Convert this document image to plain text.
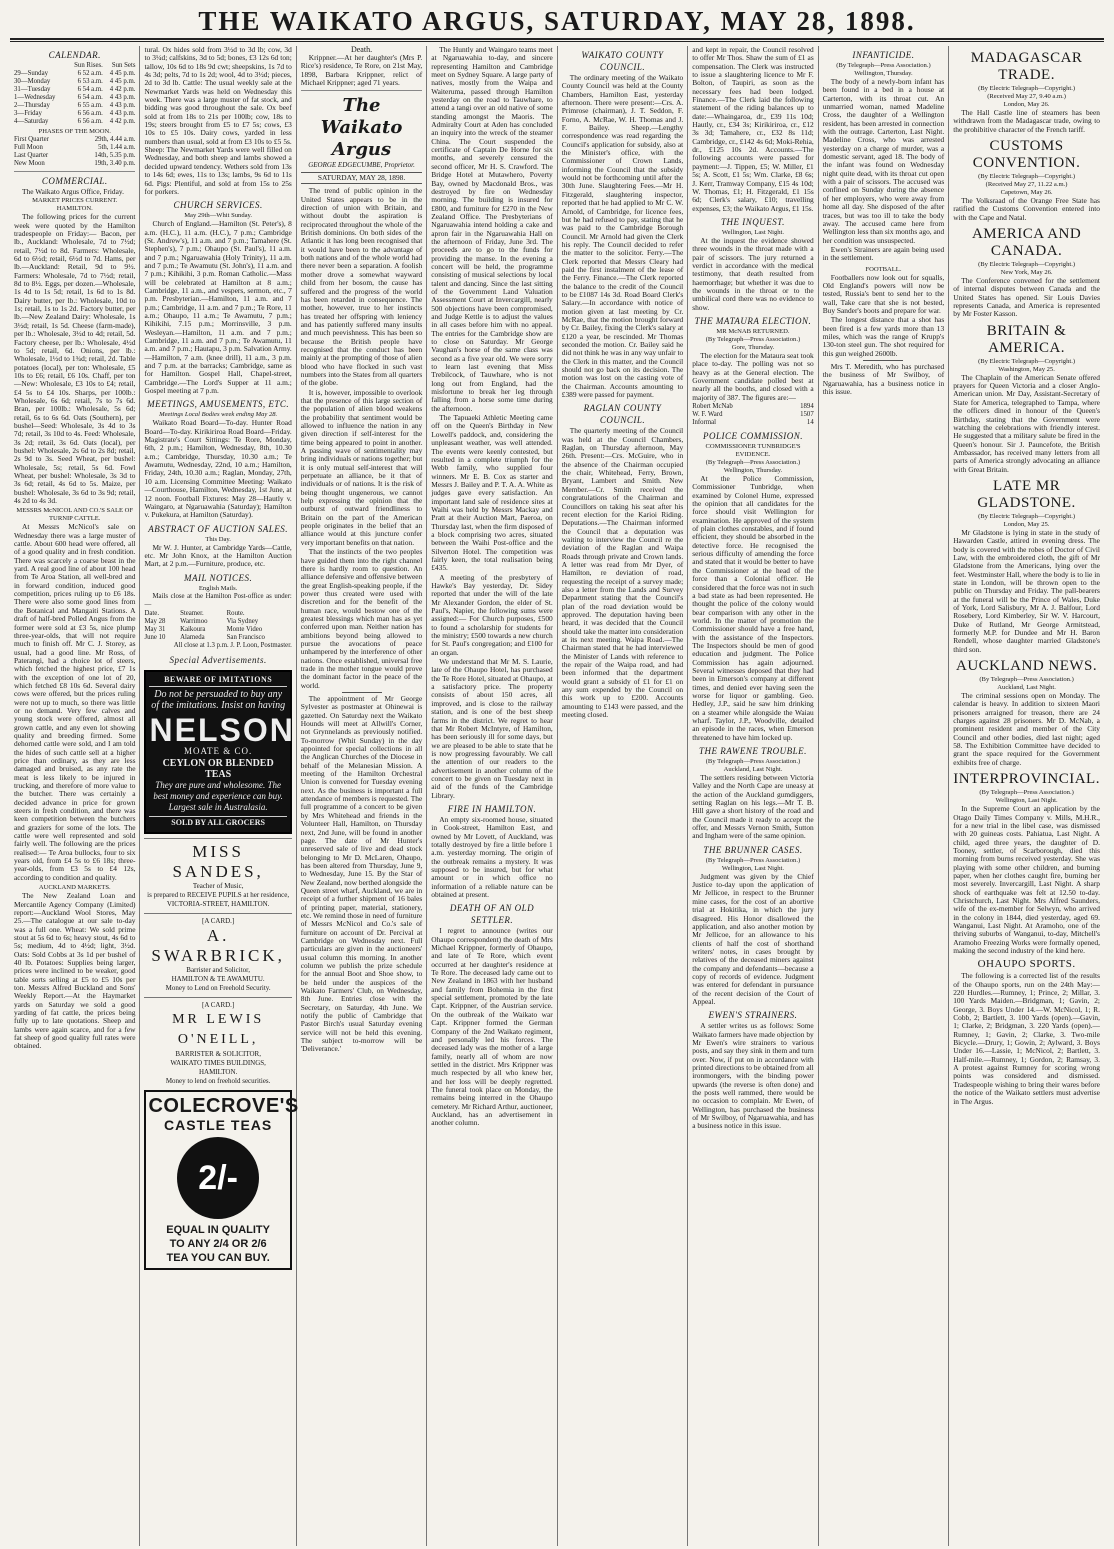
THE WAIKATO ARGUS, SATURDAY, MAY 28, 1898.
CALENDAR.
	Sun Rises.	Sun Sets
29—Sunday	6 52 a.m.	4 45 p.m.
30—Monday	6 53 a.m.	4 45 p.m.
31—Tuesday	6 54 a.m.	4 42 p.m.
1—Wednesday	6 54 a.m.	4 43 p.m.
2—Thursday	6 55 a.m.	4 43 p.m.
3—Friday	6 56 a.m.	4 43 p.m.
4—Saturday	6 56 a.m.	4 42 p.m.
PHASES OF THE MOON.
First Quarter	29th, 4.44 a.m.
Full Moon	5th, 1.44 a.m.
Last Quarter	14th, 5.35 p.m.
New Moon	19th, 3.40 p.m.
COMMERCIAL.

The Waikato Argus Office, Friday.

MARKET PRICES CURRENT.
HAMILTON.

The following prices for the current week were quoted by the Hamilton tradespeople on Friday:— Bacon, per lb., Auckland: Wholesale, 7d to 7½d; retail, 7½d to 8d. Farmers: Wholesale, 6d to 6½d; retail, 6½d to 7d. Hams, per lb.—Auckland: Retail, 9d to 9½. Farmers: Wholesale, 7d to 7½d; retail, 8d to 8½. Eggs, per dozen.—Wholesale, 1s 4d to 1s 5d; retail, 1s 6d to 1s 8d. Dairy butter, per lb.: Wholesale, 10d to 1s; retail, 1s to 1s 2d. Factory butter, per lb.—New Zealand Dairy: Wholesale, 1s 3½d; retail, 1s 5d. Cheese (farm-made), per lb.: Wholesale, 3½d to 4d; retail, 5d. Factory cheese, per lb.: Wholesale, 4½d to 5d; retail, 6d. Onions, per lb.: Wholesale, 1½d to 1¾d; retail, 2d. Table potatoes (local), per ton: Wholesale, £5 10s to £6; retail, £6 10s. Chaff, per ton—New: Wholesale, £3 10s to £4; retail, £4 5s to £4 10s. Sharps, per 100lb.: Wholesale, 6s 6d; retail, 7s to 7s 6d. Bran, per 100lb.: Wholesale, 5s 6d; retail, 6s to 6s 6d. Oats (Southern), per bushel—Seed: Wholesale, 3s 4d to 3s 7d; retail, 3s 10d to 4s. Feed: Wholesale, 3s 2d; retail, 3s 6d. Oats (local), per bushel: Wholesale, 2s 6d to 2s 8d; retail, 2s 9d to 3s. Seed Wheat, per bushel: Wholesale, 5s; retail, 5s 6d. Fowl Wheat, per bushel: Wholesale, 3s 3d to 3s 6d; retail, 4s 6d to 5s. Maize, per bushel: Wholesale, 3s 6d to 3s 9d; retail, 4s 2d to 4s 3d.

MESSRS McNICOL AND CO.'S SALE OF TURNIP CATTLE.

At Messrs McNicol's sale on Wednesday there was a large muster of cattle. About 600 head were offered, all of a good quality and in fresh condition. There was scarcely a coarse beast in the yard. A real good line of about 100 head from Te Aroa Station, all well-bred and in forward condition, induced good competition, prices ruling up to £6 18s. There were also some good lines from the Botanical and Mangaiti Stations. A draft of half-bred Polled Angus from the former were sold at £3 5s, nice plump three-year-olds, that will not require much to finish off. Mr C. J. Storey, as usual, had a good line. Mr Ross, of Paterangi, had a choice lot of steers, which fetched the highest price, £7 1s with the exception of one lot of 20, which fetched £8 10s 6d. Several dairy cows were offered, but the prices ruling were not up to much, so there was little or no demand. Very few calves and young stock were offered, almost all grown cattle, and any even lot showing quality and breeding firmed. Some dehorned cattle were sold, and I am told the hides of such cattle sell at a higher price than ordinary, as they are less damaged and bruised, as any rate the meat is less likely to be injured in trucking, and therefore of more value to the butcher. There was certainly a decided advance in price for grown steers in fresh condition, and there was keen competition between the butchers and graziers for some of the lots. The cattle were well represented and sold fairly well. The following are the prices realised:— Te Aroa bullocks, four to six years old, from £4 5s to £6 18s; three-year-olds, from £3 5s to £4 12s, according to condition and quality.

AUCKLAND MARKETS.

The New Zealand Loan and Mercantile Agency Company (Limited) report:—Auckland Wool Stores, May 25.—The catalogue at our sale to-day was a full one. Wheat: We sold prime stout at 5s 6d to 6s; heavy stout, 4s 6d to 5s; medium, 4d to 4½d; light, 3½d. Oats: Sold Cobbs at 3s 1d per bushel of 40 lb. Potatoes: Supplies being larger, prices were inclined to be weaker, good table sorts selling at £5 to £5 10s per ton. Messrs Alfred Buckland and Sons' Weekly Report.—At the Haymarket yards on Saturday we sold a good yarding of fat cattle, the prices being fully up to late quotations. Sheep and lambs were again scarce, and for a few fat sheep of good quality full rates were obtained.

tural. Ox hides sold from 3½d to 3d lb; cow, 3d to 3¼d; calfskins, 3d to 5d; bones, £3 12s 6d ton; tallow, 10s 6d to 18s 9d cwt; sheepskins, 1s 7d to 4s 3d; pelts, 7d to 1s 2d; wool, 4d to 3½d; pieces, 2d to 3d lb. Cattle: The usual weekly sale at the Newmarket Yards was held on Wednesday this week. There was a large muster of fat stock, and bidding was good throughout the sale. Ox beef sold at from 18s to 21s per 100lb; cow, 18s to 19s; steers brought from £5 to £7 5s; cows, £3 10s to £5 10s. Dairy cows, yarded in less numbers than usual, sold at from £3 10s to £5 5s. Sheep: The Newmarket Yards were well filled on Wednesday, and both sheep and lambs showed a decided upward tendency. Wethers sold from 13s to 14s 6d; ewes, 11s to 13s; lambs, 9s 6d to 11s 6d. Pigs: Plentiful, and sold at from 15s to 25s for porkers.

CHURCH SERVICES.
May 29th—Whit Sunday.

Church of England.—Hamilton (St. Peter's), 8 a.m. (H.C.), 11 a.m. (H.C.), 7 p.m.; Cambridge (St. Andrew's), 11 a.m. and 7 p.m.; Tamahere (St. Stephen's), 7 p.m.; Ohaupo (St. Paul's), 11 a.m. and 7 p.m.; Ngaruawahia (Holy Trinity), 11 a.m. and 7 p.m.; Te Awamutu (St. John's), 11 a.m. and 7 p.m.; Kihikihi, 3 p.m. Roman Catholic.—Mass will be celebrated at Hamilton at 8 a.m.; Cambridge, 11 a.m., and vespers, sermon, etc., 7 p.m. Presbyterian.—Hamilton, 11 a.m. and 7 p.m.; Cambridge, 11 a.m. and 7 p.m.; Te Rore, 11 a.m.; Ohaupo, 11 a.m.; Te Awamutu, 7 p.m.; Kihikihi, 7.15 p.m.; Morrinsville, 3 p.m. Wesleyan.—Hamilton, 11 a.m. and 7 p.m.; Cambridge, 11 a.m. and 7 p.m.; Te Awamutu, 11 a.m. and 7 p.m.; Hautapu, 3 p.m. Salvation Army.—Hamilton, 7 a.m. (knee drill), 11 a.m., 3 p.m. and 7 p.m. at the barracks; Cambridge, same as for Hamilton. Gospel Hall, Chapel-street, Cambridge.—The Lord's Supper at 11 a.m.; Gospel meeting at 7 p.m.

MEETINGS, AMUSEMENTS, ETC.
Meetings Local Bodies week ending May 28.

Waikato Road Board—To-day. Hunter Road Board—To-day. Kirikiriroa Road Board—Friday. Magistrate's Court Sittings: Te Rore, Monday, 6th, 2 p.m.; Hamilton, Wednesday, 8th, 10.30 a.m.; Cambridge, Thursday, 10.30 a.m.; Te Awamutu, Wednesday, 22nd, 10 a.m.; Hamilton, Friday, 24th, 10.30 a.m.; Raglan, Monday, 27th, 10 a.m. Licensing Committee Meeting: Waikato—Courthouse, Hamilton, Wednesday, 1st June, at 12 noon. Football Fixtures: May 28—Hautly v. Waingaro, at Ngaruawahia (Saturday); Hamilton v. Pukekura, at Hamilton (Saturday).

ABSTRACT OF AUCTION SALES.
This Day.

Mr W. J. Hunter, at Cambridge Yards—Cattle, etc. Mr John Knox, at the Hamilton Auction Mart, at 2 p.m.—Furniture, produce, etc.

MAIL NOTICES.
English Mails.

Mails close at the Hamilton Post-office as under:—

Date.	Steamer.	Route.
May 28	Warrimoo	Via Sydney
May 31	Kaikoura	Monte Video
June 10	Alameda	San Francisco

All close at 1.3 p.m. J. P. Loon, Postmaster.

Special Advertisements.
BEWARE OF IMITATIONS
Do not be persuaded to buy any of the imitations. Insist on having
NELSON
MOATE & CO.
CEYLON OR BLENDED TEAS
They are pure and wholesome. The best money and experience can buy. Largest sale in Australasia.
SOLD BY ALL GROCERS
MISS SANDES,
Teacher of Music,
is prepared to RECEIVE PUPILS at her residence,
VICTORIA-STREET, HAMILTON.
[A CARD.]
A. SWARBRICK,
Barrister and Solicitor,
HAMILTON & TE AWAMUTU.
Money to Lend on Freehold Security.
[A CARD.]
MR LEWIS O'NEILL,
BARRISTER & SOLICITOR,
WAIKATO TIMES BUILDINGS,
HAMILTON.
Money to lend on freehold securities.
COLECROVE'S
CASTLE TEAS
2/-
EQUAL IN QUALITY
TO ANY 2/4 OR 2/6
TEA YOU CAN BUY.
Death.

Krippner.—At her daughter's (Mrs P. Rice's) residence, Te Rore, on 21st May, 1898, Barbara Krippner, relict of Michael Krippner; aged 71 years.

The Waikato Argus
GEORGE EDGECUMBE, Proprietor.
SATURDAY, MAY 28, 1898.

The trend of public opinion in the United States appears to be in the direction of union with Britain, and without doubt the aspiration is reciprocated throughout the whole of the British dominions. On both sides of the Atlantic it has long been recognised that it would have been to the advantage of both nations and of the whole world had there never been a separation. A foolish mother drove a somewhat wayward child from her bosom, the cause has suffered and the progress of the world has been retarded in consequence. The mother, however, true to her instincts has treated her offspring with leniency and has patiently suffered many insults and much peevishness. This has been so because the British people have recognised that the conduct has been mainly at the prompting of those of alien blood who have flocked in such vast numbers into the States from all quarters of the globe.

It is, however, impossible to overlook that the presence of this large section of the population of alien blood weakens the probability that sentiment would be allowed to influence the nation in any given direction if self-interest for the time being appeared to point in another. A passing wave of sentimentality may bring individuals or nations together; but it is only mutual self-interest that will perpetuate an alliance, be it that of individuals or of nations. It is the risk of being thought ungenerous, we cannot help expressing the opinion that the outburst of outward friendliness to Britain on the part of the American people originates in the belief that an alliance would at this juncture confer very important benefits on that nation.

That the instincts of the two peoples have guided them into the right channel there is hardly room to question. An alliance defensive and offensive between the great English-speaking people, if the power thus created were used with discretion and for the benefit of the human race, would bestow one of the greatest blessings which man has as yet conferred upon man. Neither nation has ambitions beyond being allowed to pursue the avocations of peace unhampered by the interference of other nations. Once established, universal free trade in the mother tongue would prove the dominant factor in the peace of the world.

The appointment of Mr George Sylvester as postmaster at Ohinewai is gazetted. On Saturday next the Waikato Hounds will meet at Allwill's Corner, not Grynnelands as previously notified. To-morrow (Whit Sunday) in the day appointed for special collections in all the Anglican Churches of the Diocese in behalf of the Melanesian Mission. A meeting of the Hamilton Orchestral Union is convened for Tuesday evening next. As the business is important a full attendance of members is requested. The full programme of a concert to be given by Mrs Whitehead and friends in the Volunteer Hall, Hamilton, on Thursday next, 2nd June, will be found in another page. The date of Mr Hunter's unreserved sale of live and dead stock belonging to Mr D. McLaren, Ohaupo, has been altered from Thursday, June 9, to Wednesday, June 15. By the Star of New Zealand, now berthed alongside the Queen street wharf, Auckland, we are in receipt of a further shipment of 16 bales of printing paper, material, stationery, etc. We remind those in need of furniture of Messrs McNicol and Co.'s sale of furniture on account of Dr. Percival at Cambridge on Wednesday next. Full particulars are given in the auctioneers' usual column this morning. In another column we publish the prize schedule for the annual Boot and Shoe show, to be held under the auspices of the Waikato Farmers' Club, on Wednesday, 8th June. Entries close with the Secretary, on Saturday, 4th June. We notify the public of Cambridge that Pastor Birch's usual Saturday evening service will not be held this evening. The subject to-morrow will be 'Deliverance.'

The Huntly and Waingaro teams meet at Ngaruawahia to-day, and sincere representing Hamilton and Cambridge meet on Sydney Square. A large party of natives, mostly from the Waipa and Waiteruma, passed through Hamilton yesterday on the road to Tauwhare, to attend a tangi over an old native of some standing amongst the Maoris. The Admiralty Court at Aden has concluded an inquiry into the wreck of the steamer China. The Court suspended the certificate of Captain De Horne for six months, and severely censured the second officer, Mr H. S. Crawford. The Bridge Hotel at Mutawhero, Poverty Bay, owned by Macdonald Bros., was destroyed by fire on Wednesday morning. The building is insured for £800, and furniture for £270 in the New Zealand Office. The Presbyterians of Ngaruawahia intend holding a cake and apron fair in the Ngaruawahia Hall on the afternoon of Friday, June 3rd. The proceeds are to go to the funds for providing the manse. In the evening a concert will be held, the programme consisting of musical selections by local talent and dancing. Since the last sitting of the Government Land Valuation Assessment Court at Invercargill, nearly 500 objections have been compromised, and Judge Kettle is to adjust the values in all cases before him with no appeal. The entries for the Cambridge show are to close on Saturday. Mr George Vaughan's horse of the same class was second as a five year old. We were sorry to learn last evening that Miss Trebilcock, of Tauwhare, who is not long out from England, had the misfortune to break her leg through falling from a horse some time during the afternoon.

The Tapuaeki Athletic Meeting came off on the Queen's Birthday in New Lowell's paddock, and, considering the unpleasant weather, was well attended. The events were keenly contested, but resulted in a complete triumph for the Webb family, who supplied four winners. Mr E. B. Cox as starter and Messrs J. Bailey and P. T. A. A. White as judges gave every satisfaction. An important land sale of residence sites at Waihi was held by Messrs Mackay and Pratt at their Auction Mart, Paeroa, on Thursday last, when the firm disposed of a block comprising two acres, situated between the Waihi Post-office and the Silverton Hotel. The competition was fairly keen, the total realisation being £435.

A meeting of the presbytery of Hawke's Bay yesterday, Dr. Sidey reported that under the will of the late Mr Alexander Gordon, the elder of St. Paul's, Napier, the following sums were assigned:— For Church purposes, £500 to found a scholarship for students for the ministry; £500 towards a new church for St. Paul's congregation; and £100 for an organ.

We understand that Mr M. S. Laurie, late of the Ohaupo Hotel, has purchased the Te Rore Hotel, situated at Ohaupo, at a satisfactory price. The property consists of about 150 acres, all improved, and is close to the railway station, and is one of the best sheep farms in the district. We regret to hear that Mr Robert McIntyre, of Hamilton, has been seriously ill for some days, but we are pleased to be able to state that he is now progressing favourably. We call the attention of our readers to the advertisement in another column of the concert to be given on Tuesday next in aid of the funds of the Cambridge Library.

FIRE IN HAMILTON.

An empty six-roomed house, situated in Cook-street, Hamilton East, and owned by Mr Lovett, of Auckland, was totally destroyed by fire a little before 1 a.m. yesterday morning. The origin of the outbreak remains a mystery. It was supposed to be insured, but for what amount or in which office no information of a reliable nature can be obtained at present.

DEATH OF AN OLD SETTLER.

I regret to announce (writes our Ohaupo correspondent) the death of Mrs Michael Krippner, formerly of Ohaupo, and late of Te Rore, which event occurred at her daughter's residence at Te Rore. The deceased lady came out to New Zealand in 1863 with her husband and family from Bohemia in the first special settlement, promoted by the late Capt. Krippner, of the Austrian service. On the outbreak of the Waikato war Capt. Krippner formed the German Company of the 2nd Waikato regiment, and personally led his forces. The deceased lady was the mother of a large family, nearly all of whom are now settled in the district. Mrs Krippner was much respected by all who knew her, and her loss will be deeply regretted. The funeral took place on Monday, the remains being interred in the Ohaupo cemetery. Mr Richard Arthur, auctioneer, Auckland, has an advertisement in another column.

WAIKATO COUNTY COUNCIL.

The ordinary meeting of the Waikato County Council was held at the County Chambers, Hamilton East, yesterday afternoon. There were present:—Crs. A. Primrose (chairman), J. T. Seddon, F. Forno, A. McRae, W. H. Thomas and J. F. Bailey. Sheep.—Lengthy correspondence was read regarding the Council's application for subsidy, also at the Minister's office, with the Commissioner of Crown Lands, informing the Council that the subsidy would not be forthcoming until after the 30th June. Slaughtering Fees.—Mr H. Fitzgerald, slaughtering inspector, reported that he had applied to Mr C. W. Arnold, of Cambridge, for licence fees, but he had refused to pay, stating that he was paid to the Cambridge Borough Council. Mr Arnold had given the Clerk his reply. The Council decided to refer the matter to the solicitor. Ferry.—The Clerk reported that Messrs Cleary had paid the first instalment of the lease of the Ferry. Finance.—The Clerk reported the balance to the credit of the Council to be £1087 14s 3d. Road Board Clerk's Salary.—In accordance with notice of motion given at last meeting by Cr. McRae, that the motion brought forward by Cr. Bailey, fixing the Clerk's salary at £120 a year, be rescinded. Mr Thomas seconded the motion. Cr. Bailey said he did not think he was in any way unfair to the Clerk in this matter, and the Council should not go back on its decision. The motion was lost on the casting vote of the Chairman. Accounts amounting to £389 were passed for payment.

RAGLAN COUNTY COUNCIL.

The quarterly meeting of the Council was held at the Council Chambers, Raglan, on Thursday afternoon, May 26th. Present:—Crs. McGuire, who in the absence of the Chairman occupied the chair, Whitehead, Ferry, Brown, Bryant, Lambert and Smith. New Member.—Cr. Smith received the congratulations of the Chairman and Councillors on taking his seat after his recent election for the Karioi Riding. Deputations.—The Chairman informed the Council that a deputation was waiting to interview the Council re the deviation of the Raglan and Waipa Roads through private and Crown lands. A letter was read from Mr Dyer, of Hamilton, re deviation of road, requesting the receipt of a survey made; also a letter from the Lands and Survey Department stating that the Council's plan of the road deviation would be approved. The deputation having been heard, it was decided that the Council should take the matter into consideration at its next meeting. Waipa Road.—The Chairman stated that he had interviewed the Minister of Lands with reference to the repair of the Waipa road, and had been informed that the department would grant a subsidy of £1 for £1 on any sum expended by the Council on this work up to £200. Accounts amounting to £143 were passed, and the meeting closed.

and kept in repair, the Council resolved to offer Mr Thos. Shaw the sum of £1 as compensation. The Clerk was instructed to issue a slaughtering licence to Mr F. Bolton, of Taupiri, as soon as the necessary fees had been lodged. Finance.—The Clerk laid the following statement of the riding balances up to date:—Whaingaroa, dr., £39 11s 10d; Hautly, cr., £34 3s; Kirikiriroa, cr., £12 3s 3d; Tamahere, cr., £32 8s 11d; Cambridge, cr., £142 4s 6d; Moki-Rehia, dr., £125 10s 2d. Accounts.—The following accounts were passed for payment:—J. Tippen, £5; W. Miller, £1 5s; A. Scott, £1 5s; Wm. Clarke, £8 6s; J. Kerr, Tramway Company, £15 4s 10d; W. Thomas, £1; H. Fitzgerald, £1 15s 6d; Clerk's salary, £10; travelling expenses, £3; the Waikato Argus, £1 15s.

THE INQUEST.
Wellington, Last Night.

At the inquest the evidence showed three wounds in the throat made with a pair of scissors. The jury returned a verdict in accordance with the medical testimony, that death resulted from haemorrhage; but whether it was due to the wounds in the throat or to the umbilical cord there was no evidence to show.

THE MATAURA ELECTION.
MR McNAB RETURNED.
(By Telegraph—Press Association.)
Gore, Thursday.

The election for the Mataura seat took place to-day. The polling was not so heavy as at the General election. The Government candidate polled best at nearly all the booths, and closed with a majority of 387. The figures are:—

Robert McNab	1894
W. F. Ward	1507
Informal	14
POLICE COMMISSION.
COMMISSIONER TUNBRIDGE'S EVIDENCE.
(By Telegraph—Press Association.)
Wellington, Thursday.

At the Police Commission, Commissioner Tunbridge, when examined by Colonel Hume, expressed the opinion that all candidates for the force should visit Wellington for examination. He approved of the system of plain clothes constables, and if found efficient, they should be absorbed in the detective force. He recognised the serious difficulty of amending the force and stated that it would be better to have the Commissioner at the head of the force than a Colonial officer. He considered that the force was not in such a bad state as had been represented. He thought the police of the colony would bear comparison with any other in the world. In the matter of promotion the Commissioner should have a free hand, with the assistance of the Inspectors. The Inspectors should be men of good education and judgment. The Police Commission has again adjourned. Several witnesses deposed that they had been in Emerson's company at different times, and denied ever having seen the worse for liquor or gambling. Geo. Hedley, J.P., said he saw him drinking on a steamer while alongside the Waiau wharf. Taylor, J.P., Woodville, detailed an episode in the races, when Emerson threatened to have him locked up.

THE RAWENE TROUBLE.
(By Telegraph—Press Association.)
Auckland, Last Night.

The settlers residing between Victoria Valley and the North Cape are uneasy at the action of the Auckland gumdiggers, setting Raglan on his legs.—Mr T. B. Hill gave a short history of the road and the Council made it ready to accept the offer, and Messrs Vernon Smith, Sutton and Ingham were of the same opinion.

THE BRUNNER CASES.
(By Telegraph—Press Association.)
Wellington, Last Night.

Judgment was given by the Chief Justice to-day upon the application of Mr Jellicoe, in respect to the Brunner mine cases, for the cost of an abortive trial at Hokitika, in which the jury disagreed. His Honor disallowed the application, and also another motion by Mr Jellicoe, for an allowance to his clients of half the cost of shorthand writers' notes, in cases brought by relatives of the deceased miners against the company and defendants—because a copy of records of evidence. Judgment was entered for defendant in pursuance of the recent decision of the Court of Appeal.

EWEN'S STRAINERS.

A settler writes us as follows: Some Waikato farmers have made objection by Mr Ewen's wire strainers to various posts, and say they sink in them and turn over. Now, if put on in accordance with printed directions to be obtained from all ironmongers, with the binding power upwards (the reverse is often done) and the posts well rammed, there would be no occasion to complain. Mr Ewen, of Wellington, has purchased the business of Mr Swilboy, of Ngaruawahia, and has a business notice in this issue.

INFANTICIDE.
(By Telegraph—Press Association.)
Wellington, Thursday.

The body of a newly-born infant has been found in a bed in a house at Carterton, with its throat cut. An unmarried woman, named Madeline Cross, the daughter of a Wellington resident, has been arrested in connection with the outrage. Carterton, Last Night. Madeline Cross, who was arrested yesterday on a charge of murder, was a domestic servant, aged 18. The body of the infant was found on Wednesday night quite dead, with its throat cut open with a pair of scissors. The accused was confined on Sunday during the absence of her employers, who were away from home all day. She disposed of the after traces, but was too ill to take the body away. The accused came here from Wellington less than six months ago, and her condition was unsuspected.

Ewen's Strainers are again being used in the settlement.

FOOTBALL.

Footballers now look out for squalls, Old England's powers will now be tested, Russia's bent to send her to the wall, Take care that she is not bested, Buy Sander's boots and prepare for war.

The longest distance that a shot has been fired is a few yards more than 13 miles, which was the range of Krupp's 130-ton steel gun. The shot required for this gun weighed 2600lb.

Mrs T. Meredith, who has purchased the business of Mr Swilboy, of Ngaruawahia, has a business notice in this issue.

MADAGASCAR TRADE.
(By Electric Telegraph—Copyright.)
(Received May 27, 9.40 a.m.)
London, May 26.

The Hall Castle line of steamers has been withdrawn from the Madagascar trade, owing to the prohibitive character of the French tariff.

CUSTOMS CONVENTION.
(By Electric Telegraph—Copyright.)
(Received May 27, 11.22 a.m.)
Capetown, May 26.

The Volksraad of the Orange Free State has ratified the Customs Convention entered into with the Cape and Natal.

AMERICA AND CANADA.
(By Electric Telegraph—Copyright.)
New York, May 26.

The Conference convened for the settlement of internal disputes between Canada and the United States has opened. Sir Louis Davies represents Canada, and America is represented by Mr Foster Kasson.

BRITAIN & AMERICA.
(By Electric Telegraph—Copyright.)
Washington, May 25.

The Chaplain of the American Senate offered prayers for Queen Victoria and a closer Anglo-American union. Mr Day, Assistant-Secretary of State for America, telegraphed to Tampa, where the officers dined in honour of the Queen's Birthday, stating that the Government were watching the celebrations with friendly interest. He suggested that a military salute be fired in the Queen's honour. Sir J. Pauncefote, the British Ambassador, has received many letters from all parts of America strongly advocating an alliance with Great Britain.

LATE MR GLADSTONE.
(By Electric Telegraph—Copyright.)
London, May 25.

Mr Gladstone is lying in state in the study of Hawarden Castle, attired in evening dress. The body is covered with the robes of Doctor of Civil Law, with the embroidered cloth, the gift of Mr Gladstone from the Americans, lying over the feet. Westminster Hall, where the body is to lie in state in London, will be thrown open to the public on Thursday and Friday. The pall-bearers at the funeral will be the Prince of Wales, Duke of York, Lord Salisbury, Mr A. J. Balfour, Lord Rosebery, Lord Kimberley, Sir W. V. Harcourt, Duke of Rutland, Mr George Armitstead, formerly M.P. for Dundee and Mr H. Baron Rendell, whose daughter married Gladstone's third son.

AUCKLAND NEWS.
(By Telegraph—Press Association.)
Auckland, Last Night.

The criminal sessions open on Monday. The calendar is heavy. In addition to sixteen Maori prisoners arraigned for treason, there are 24 charges against 28 prisoners. Mr D. McNab, a prominent resident and member of the City Council and other bodies, died last night; aged 58. The Exhibition Committee have decided to grant the space required for the Government exhibits free of charge.

INTERPROVINCIAL.
(By Telegraph—Press Association.)
Wellington, Last Night.

In the Supreme Court an application by the Otago Daily Times Company v. Mills, M.H.R., for a new trial in the libel case, was dismissed with 20 guineas costs. Pahiatua, Last Night. A child, aged three years, the daughter of D. Tooney, settler, of Scarborough, died this morning from burns received yesterday. She was playing with some other children, and burning paper, when her clothes caught fire, burning her most severely. Invercargill, Last Night. A sharp shock of earthquake was felt at 12.50 to-day. Christchurch, Last Night. Mrs Alfred Saunders, wife of the ex-member for Selwyn, who arrived in the colony in 1844, died yesterday, aged 69. Wanganui, Last Night. At Aramoho, one of the thriving suburbs of Wanganui, to-day, Mitchell's Aramoho Freezing Works were formally opened, making the second industry of the kind here.

OHAUPO SPORTS.

The following is a corrected list of the results of the Ohaupo sports, run on the 24th May:— 220 Hurdles.—Rumney, 1; Prince, 2; Millar, 3. 100 Yards Maiden.—Bridgman, 1; Gavin, 2; George, 3. Boys Under 14.—W. McNicol, 1; R. Cobb, 2; Bartlett, 3. 100 Yards (open).—Gavin, 1; Clarke, 2; Bridgman, 3. 220 Yards (open).—Rumney, 1; Gavin, 2; Clarke, 3. Two-mile Bicycle.—Drury, 1; Gowin, 2; Aylward, 3. Boys Under 16.—Lassie, 1; McNicol, 2; Bartlett, 3. Half-mile.—Rumney, 1; Gordon, 2; Ramsay, 3. A protest against Rumney for scoring wrong points was considered and dismissed. Tradespeople wishing to bring their wares before the notice of the Waikato settlers must advertise in The Argus.
